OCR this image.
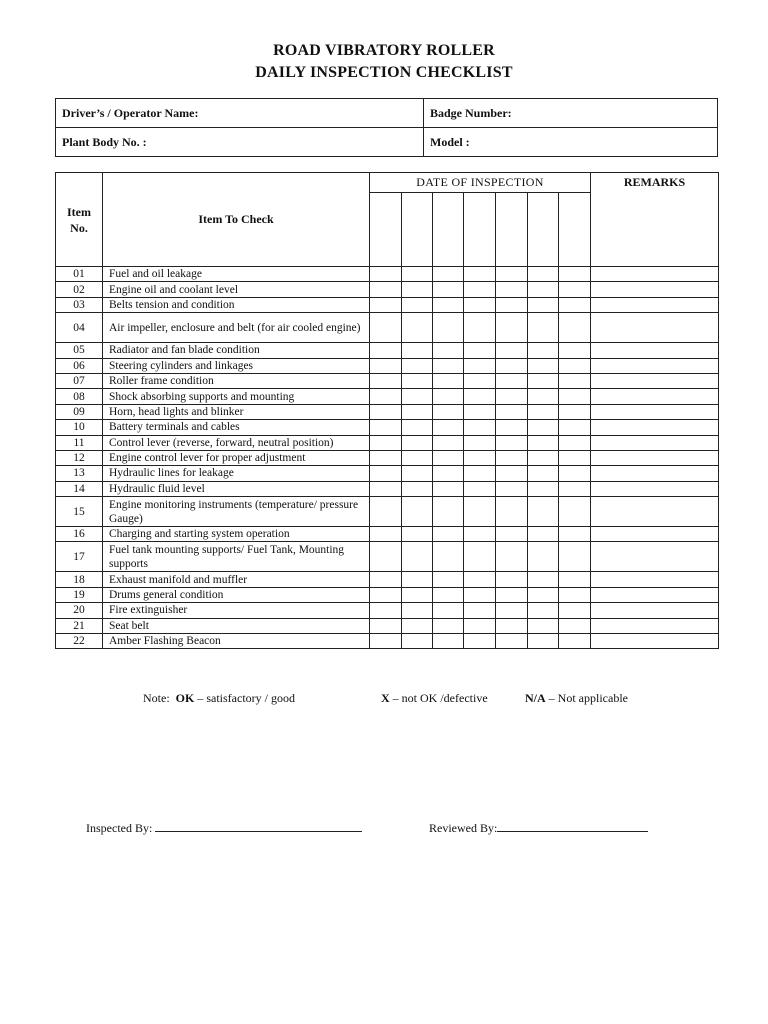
ROAD VIBRATORY ROLLER
DAILY INSPECTION CHECKLIST
Driver’s / Operator Name:	Badge Number:
Plant Body No. :	Model :
Item No.	Item To Check	DATE OF INSPECTION							REMARKS

01	Fuel and oil leakage								
02	Engine oil and coolant level								
03	Belts tension and condition								
04	Air impeller, enclosure and belt (for air cooled engine)								
05	Radiator and fan blade condition								
06	Steering cylinders and linkages								
07	Roller frame condition								
08	Shock absorbing supports and mounting								
09	Horn, head lights and blinker								
10	Battery terminals and cables								
11	Control lever (reverse, forward, neutral position)								
12	Engine control lever for proper adjustment								
13	Hydraulic lines for leakage								
14	Hydraulic fluid level								
15	Engine monitoring instruments (temperature/ pressure Gauge)								
16	Charging and starting system operation								
17	Fuel tank mounting supports/ Fuel Tank, Mounting supports								
18	Exhaust manifold and muffler								
19	Drums general condition								
20	Fire extinguisher								
21	Seat belt								
22	Amber Flashing Beacon								
Note: OK – satisfactory / good	X – not OK /defective	N/A – Not applicable
Inspected By:	Reviewed By:
